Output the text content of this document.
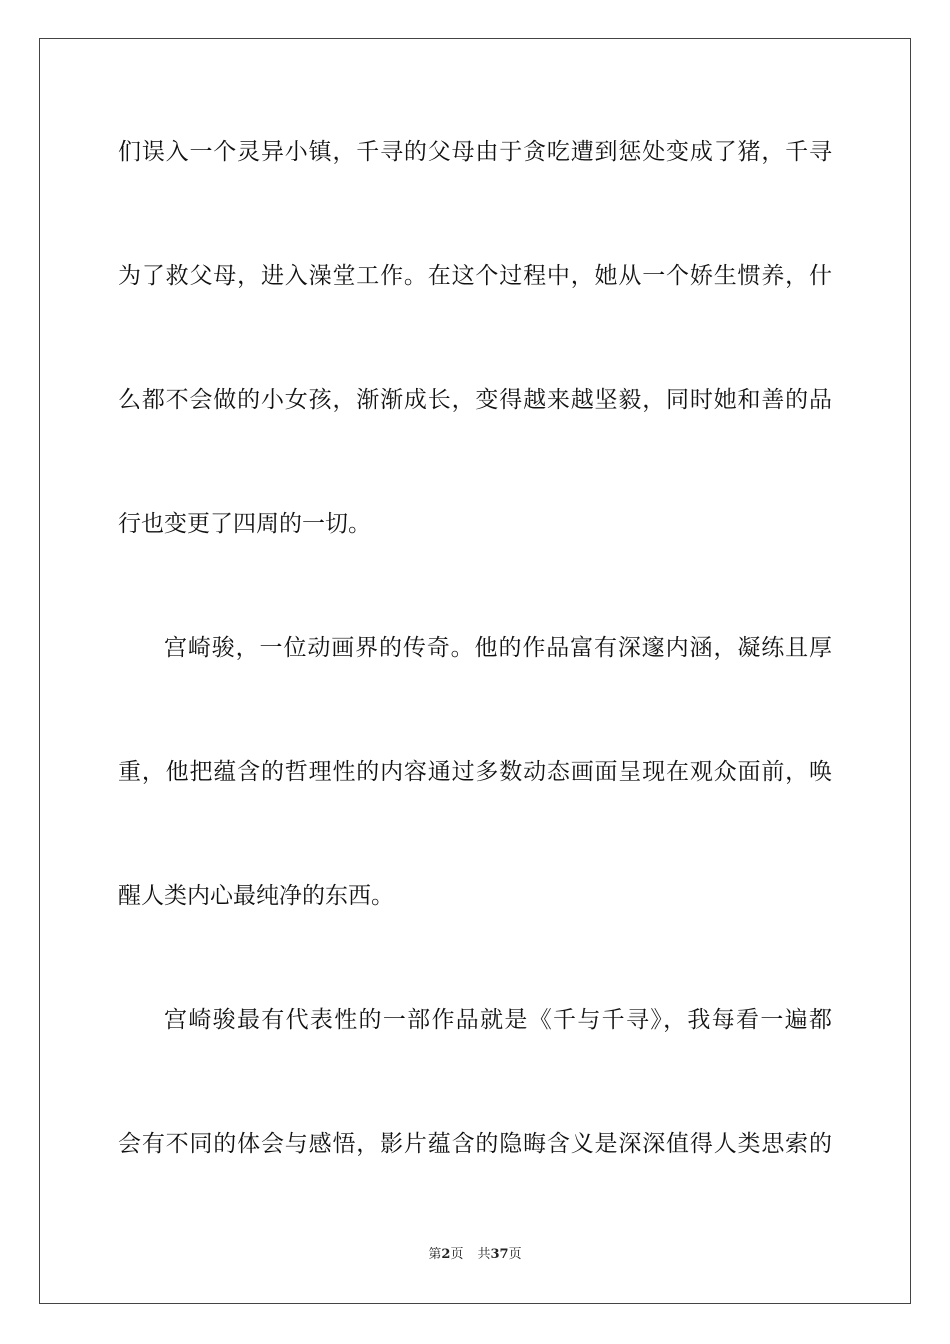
们误入一个灵异小镇，千寻的父母由于贪吃遭到惩处变成了猪，千寻
为了救父母，进入澡堂工作。在这个过程中，她从一个娇生惯养，什
么都不会做的小女孩，渐渐成长，变得越来越坚毅，同时她和善的品
行也变更了四周的一切。
宫崎骏，一位动画界的传奇。他的作品富有深邃内涵，凝练且厚
重，他把蕴含的哲理性的内容通过多数动态画面呈现在观众面前，唤
醒人类内心最纯净的东西。
宫崎骏最有代表性的一部作品就是《千与千寻》，我每看一遍都
会有不同的体会与感悟，影片蕴含的隐晦含义是深深值得人类思索的
第2页 共37页
